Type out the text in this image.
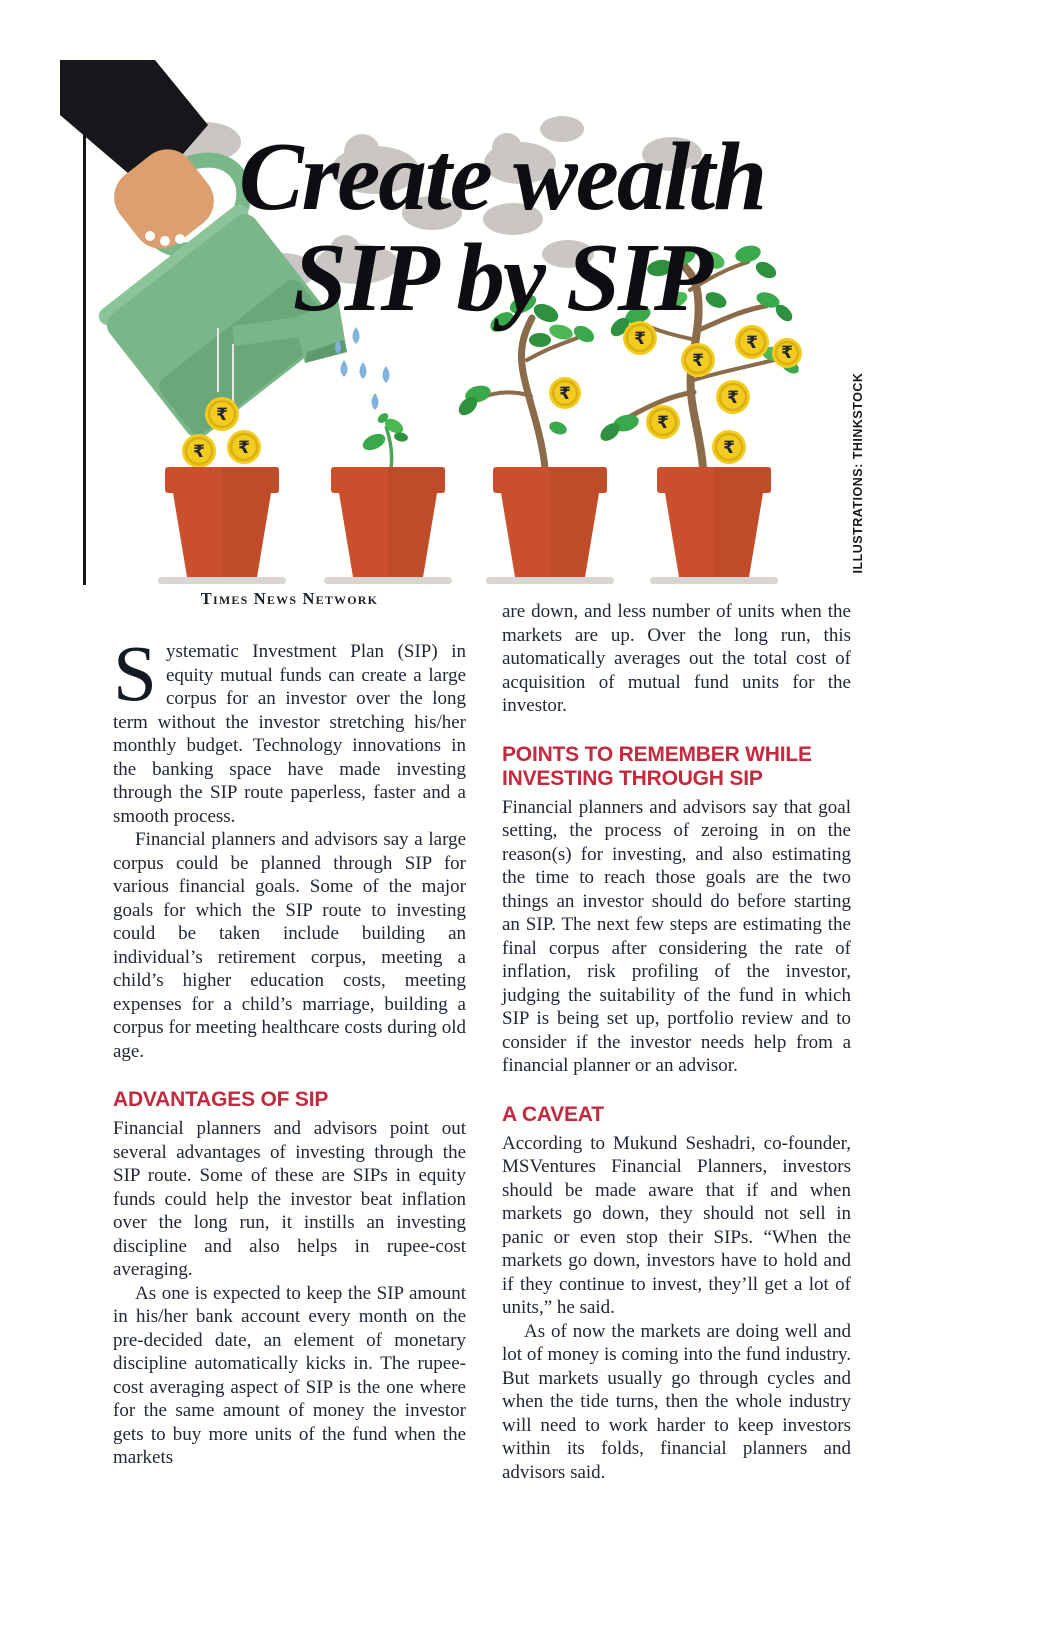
₹
₹ ₹
₹
₹
₹
₹ ₹
₹
₹
₹
Create wealth
SIP by SIP
ILLUSTRATIONS: THINKSTOCK
Times News Network

Systematic Investment Plan (SIP) in equity mutual funds can create a large corpus for an investor over the long term without the investor stretching his/her monthly budget. Technology innovations in the banking space have made investing through the SIP route paperless, faster and a smooth process.

Financial planners and advisors say a large corpus could be planned through SIP for various financial goals. Some of the major goals for which the SIP route to investing could be taken include building an individual’s retirement corpus, meeting a child’s higher education costs, meeting expenses for a child’s marriage, building a corpus for meeting healthcare costs during old age.

ADVANTAGES OF SIP

Financial planners and advisors point out several advantages of investing through the SIP route. Some of these are SIPs in equity funds could help the investor beat inflation over the long run, it instills an investing discipline and also helps in rupee-cost averaging.

As one is expected to keep the SIP amount in his/her bank account every month on the pre-decided date, an element of monetary discipline automatically kicks in. The rupee-cost averaging aspect of SIP is the one where for the same amount of money the investor gets to buy more units of the fund when the markets

are down, and less number of units when the markets are up. Over the long run, this automatically averages out the total cost of acquisition of mutual fund units for the investor.

POINTS TO REMEMBER WHILE INVESTING THROUGH SIP

Financial planners and advisors say that goal setting, the process of zeroing in on the reason(s) for investing, and also estimating the time to reach those goals are the two things an investor should do before starting an SIP. The next few steps are estimating the final corpus after considering the rate of inflation, risk profiling of the investor, judging the suitability of the fund in which SIP is being set up, portfolio review and to consider if the investor needs help from a financial planner or an advisor.

A CAVEAT

According to Mukund Seshadri, co-founder, MSVentures Financial Planners, investors should be made aware that if and when markets go down, they should not sell in panic or even stop their SIPs. “When the markets go down, investors have to hold and if they continue to invest, they’ll get a lot of units,” he said.

As of now the markets are doing well and lot of money is coming into the fund industry. But markets usually go through cycles and when the tide turns, then the whole industry will need to work harder to keep investors within its folds, financial planners and advisors said.
